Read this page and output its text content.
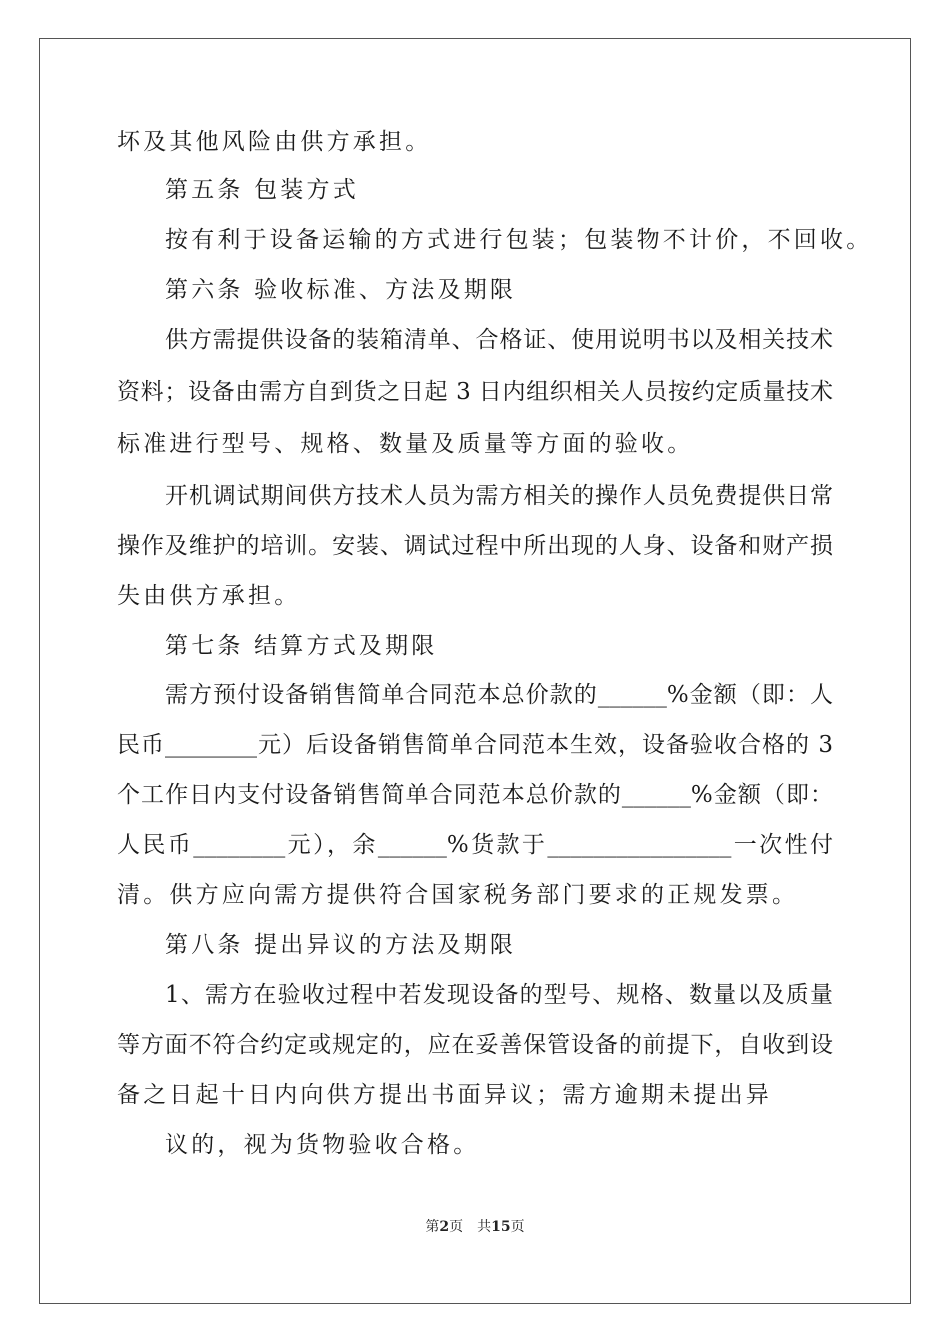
坏及其他风险由供方承担。
第五条 包装方式
按有利于设备运输的方式进行包装；包装物不计价，不回收。
第六条 验收标准、方法及期限
供方需提供设备的装箱清单、合格证、使用说明书以及相关技术
资料；设备由需方自到货之日起 3 日内组织相关人员按约定质量技术
标准进行型号、规格、数量及质量等方面的验收。
开机调试期间供方技术人员为需方相关的操作人员免费提供日常
操作及维护的培训。安装、调试过程中所出现的人身、设备和财产损
失由供方承担。
第七条 结算方式及期限
需方预付设备销售简单合同范本总价款的______%金额（即：人
民币________元）后设备销售简单合同范本生效，设备验收合格的 3
个工作日内支付设备销售简单合同范本总价款的______%金额（即：
人民币________元），余______%货款于________________一次性付
清。供方应向需方提供符合国家税务部门要求的正规发票。
第八条 提出异议的方法及期限
1、需方在验收过程中若发现设备的型号、规格、数量以及质量
等方面不符合约定或规定的，应在妥善保管设备的前提下，自收到设
备之日起十日内向供方提出书面异议；需方逾期未提出异
议的，视为货物验收合格。
第2页 共15页
